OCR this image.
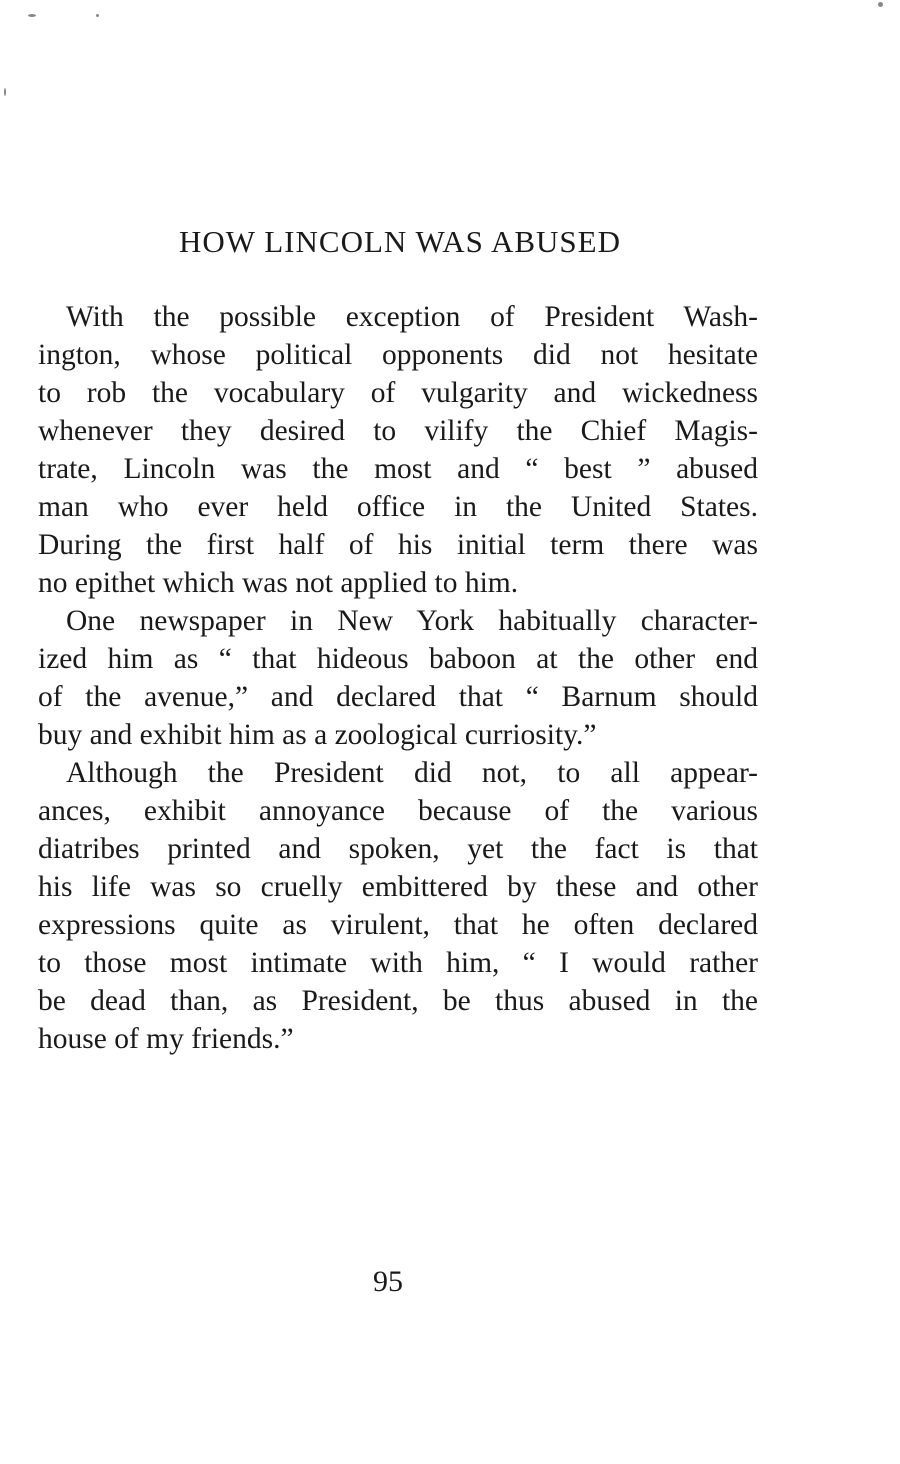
HOW LINCOLN WAS ABUSED
With the possible exception of President Wash-
ington, whose political opponents did not hesitate
to rob the vocabulary of vulgarity and wickedness
whenever they desired to vilify the Chief Magis-
trate, Lincoln was the most and “ best ” abused
man who ever held office in the United States.
During the first half of his initial term there was
no epithet which was not applied to him.
One newspaper in New York habitually character-
ized him as “ that hideous baboon at the other end
of the avenue,” and declared that “ Barnum should
buy and exhibit him as a zoological curriosity.”
Although the President did not, to all appear-
ances, exhibit annoyance because of the various
diatribes printed and spoken, yet the fact is that
his life was so cruelly embittered by these and other
expressions quite as virulent, that he often declared
to those most intimate with him, “ I would rather
be dead than, as President, be thus abused in the
house of my friends.”
95
